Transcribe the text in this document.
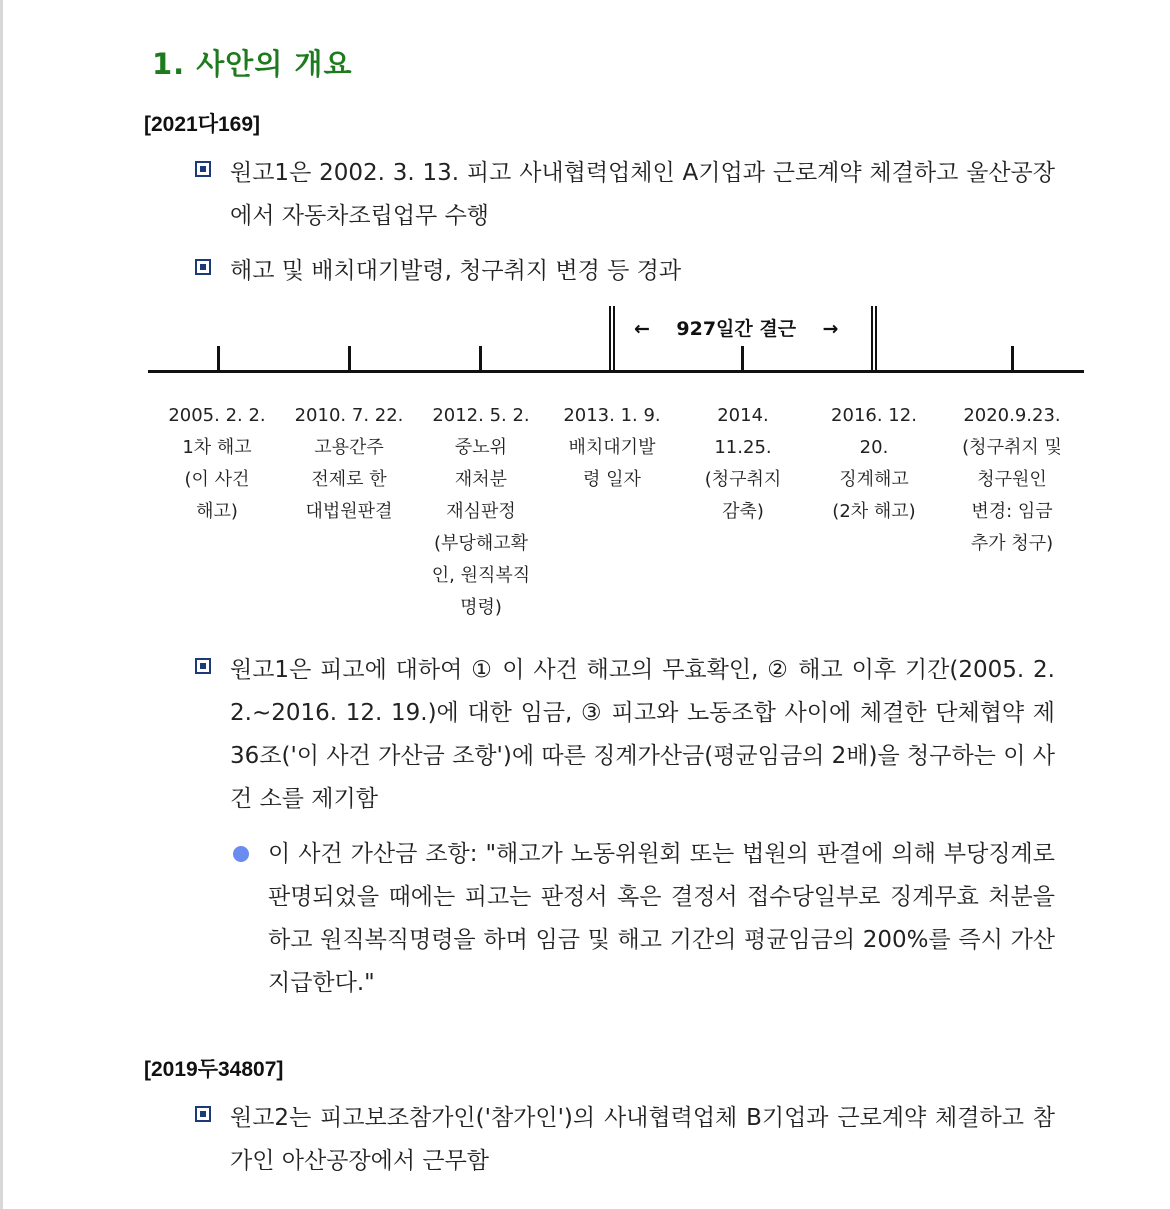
1. 사안의 개요
[2021다169]
원고1은 2002. 3. 13. 피고 사내협력업체인 A기업과 근로계약 체결하고 울산공장에서 자동차조립업무 수행
해고 및 배치대기발령, 청구취지 변경 등 경과
←    927일간 결근    →
2005. 2. 2.
1차 해고
(이 사건
해고)
2010. 7. 22.
고용간주
전제로 한
대법원판결
2012. 5. 2.
중노위
재처분
재심판정
(부당해고확
인, 원직복직
명령)
2013. 1. 9.
배치대기발
령 일자
2014.
11.25.
(청구취지
감축)
2016. 12.
20.
징계해고
(2차 해고)
2020.9.23.
(청구취지 및
청구원인
변경: 임금
추가 청구)
원고1은 피고에 대하여 ① 이 사건 해고의 무효확인, ② 해고 이후 기간(2005. 2. 2.~2016. 12. 19.)에 대한 임금, ③ 피고와 노동조합 사이에 체결한 단체협약 제36조('이 사건 가산금 조항')에 따른 징계가산금(평균임금의 2배)을 청구하는 이 사건 소를 제기함
이 사건 가산금 조항: "해고가 노동위원회 또는 법원의 판결에 의해 부당징계로 판명되었을 때에는 피고는 판정서 혹은 결정서 접수당일부로 징계무효 처분을 하고 원직복직명령을 하며 임금 및 해고 기간의 평균임금의 200%를 즉시 가산 지급한다."
[2019두34807]
원고2는 피고보조참가인('참가인')의 사내협력업체 B기업과 근로계약 체결하고 참가인 아산공장에서 근무함
